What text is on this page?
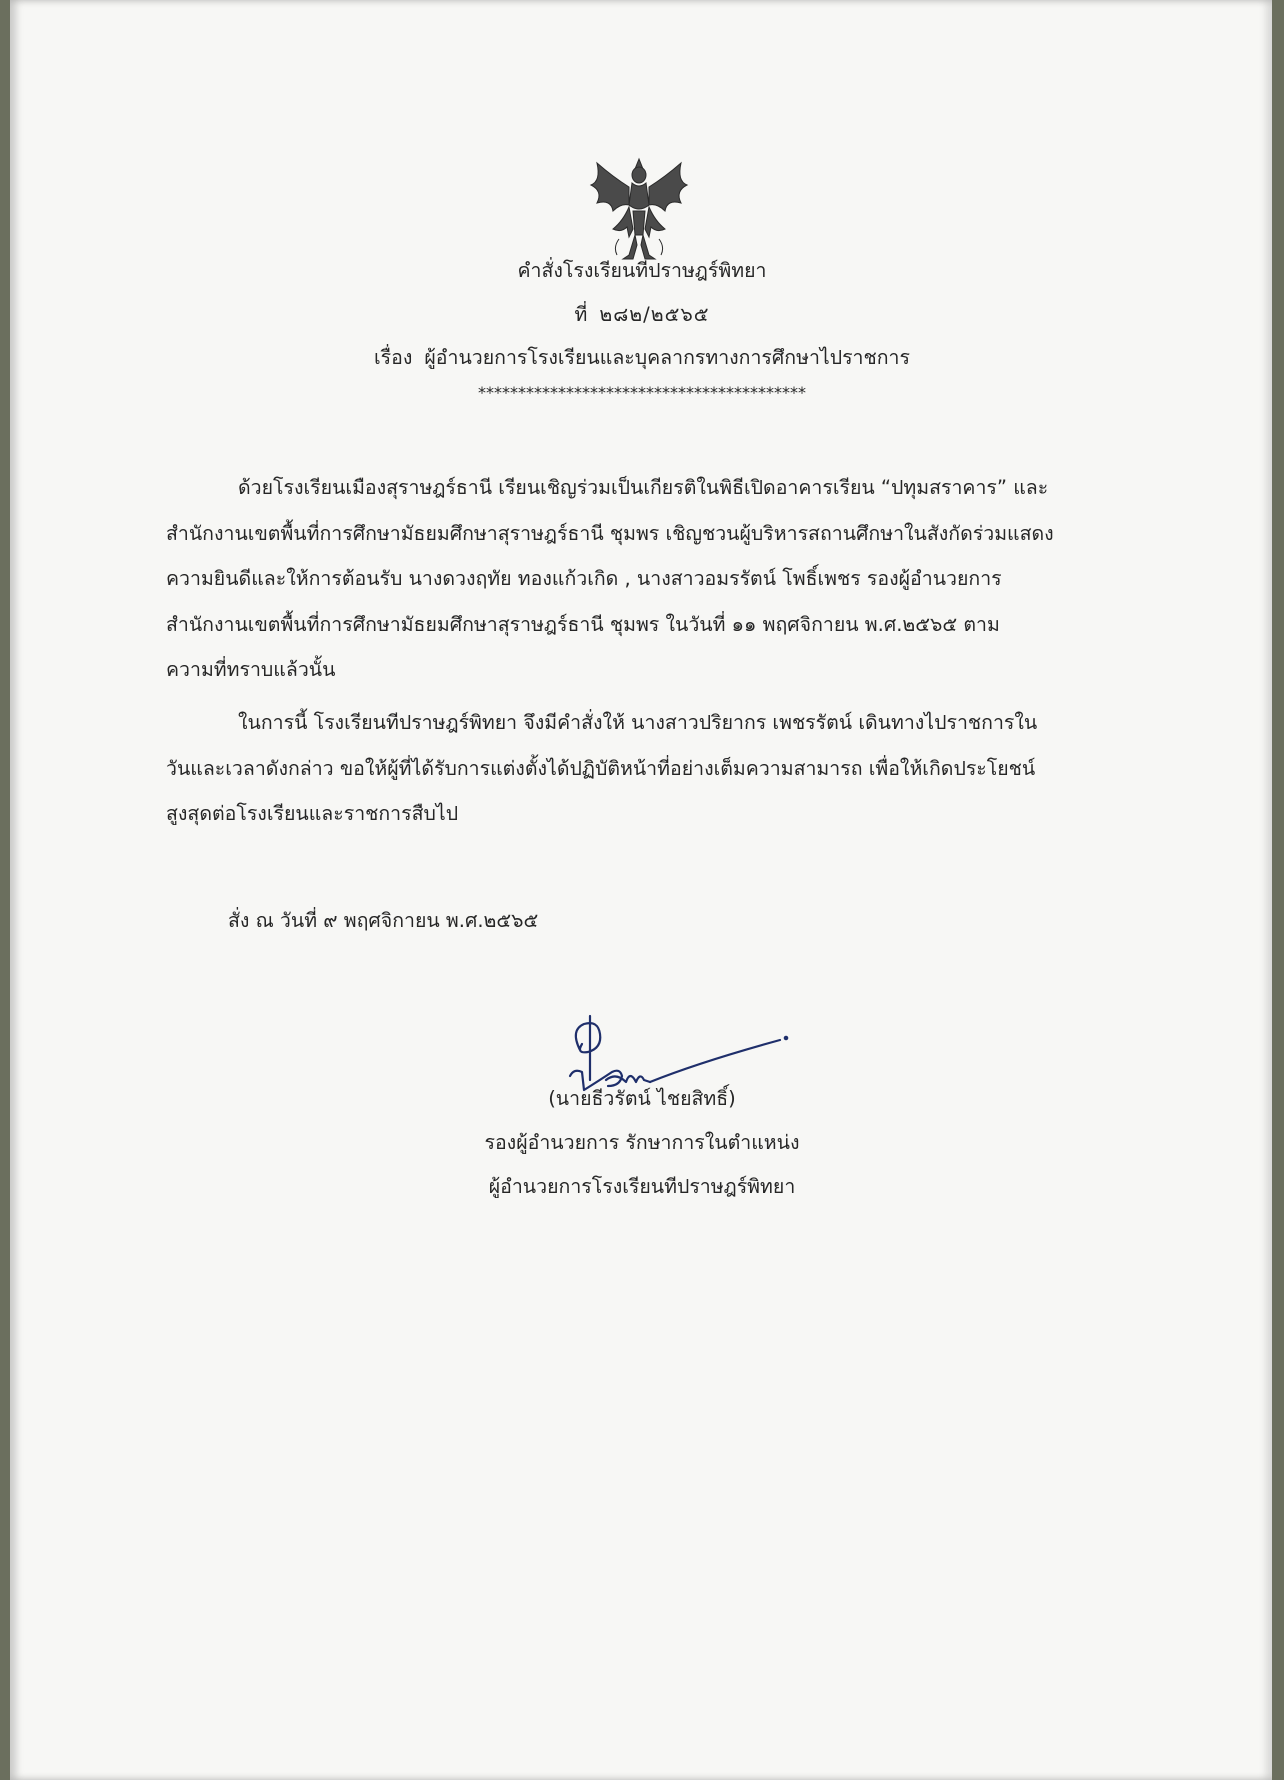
คำสั่งโรงเรียนทีปราษฎร์พิทยา
ที่ ๒๘๒/๒๕๖๕
เรื่อง ผู้อำนวยการโรงเรียนและบุคลากรทางการศึกษาไปราชการ
*****************************************
ด้วยโรงเรียนเมืองสุราษฎร์ธานี เรียนเชิญร่วมเป็นเกียรติในพิธีเปิดอาคารเรียน “ปทุมสราคาร” และ
สำนักงานเขตพื้นที่การศึกษามัธยมศึกษาสุราษฎร์ธานี ชุมพร เชิญชวนผู้บริหารสถานศึกษาในสังกัดร่วมแสดง
ความยินดีและให้การต้อนรับ นางดวงฤทัย ทองแก้วเกิด , นางสาวอมรรัตน์ โพธิ์เพชร รองผู้อำนวยการ
สำนักงานเขตพื้นที่การศึกษามัธยมศึกษาสุราษฎร์ธานี ชุมพร ในวันที่ ๑๑ พฤศจิกายน พ.ศ.๒๕๖๕ ตาม
ความที่ทราบแล้วนั้น
ในการนี้ โรงเรียนทีปราษฎร์พิทยา จึงมีคำสั่งให้ นางสาวปริยากร เพชรรัตน์ เดินทางไปราชการใน
วันและเวลาดังกล่าว ขอให้ผู้ที่ได้รับการแต่งตั้งได้ปฏิบัติหน้าที่อย่างเต็มความสามารถ เพื่อให้เกิดประโยชน์
สูงสุดต่อโรงเรียนและราชการสืบไป
สั่ง ณ วันที่ ๙ พฤศจิกายน พ.ศ.๒๕๖๕
(นายธีวรัตน์ ไชยสิทธิ์)
รองผู้อำนวยการ รักษาการในตำแหน่ง
ผู้อำนวยการโรงเรียนทีปราษฎร์พิทยา
